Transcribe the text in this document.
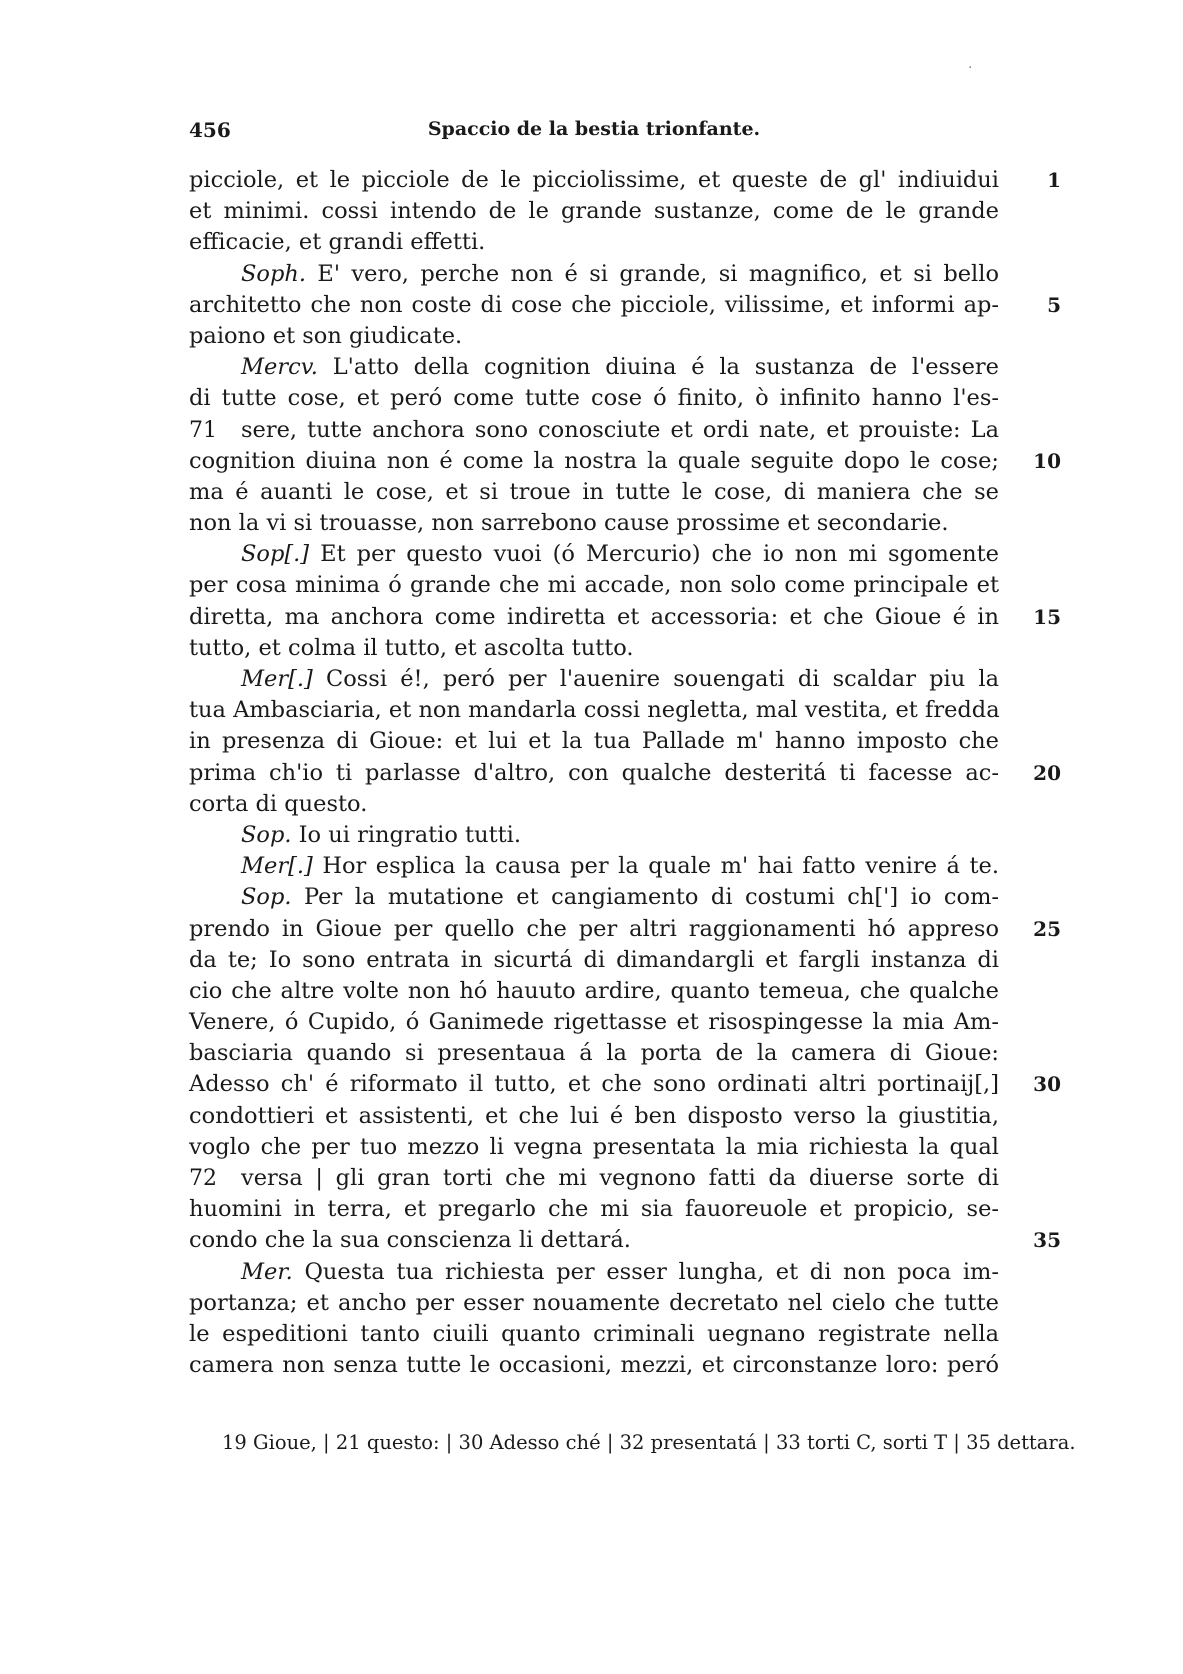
456	Spaccio de la bestia trionfante.
picciole, et le picciole de le picciolissime, et queste de gl' indiuidui	1
et minimi. cossi intendo de le grande sustanze, come de le grande
efficacie, et grandi effetti.
Soph. E' vero, perche non é si grande, si magnifico, et si bello
architetto che non coste di cose che picciole, vilissime, et informi ap-	5
paiono et son giudicate.
Mercv. L'atto della cognition diuina é la sustanza de l'essere
di tutte cose, et peró come tutte cose ó finito, ò infinito hanno l'es-
71 sere, tutte anchora sono conosciute et ordi nate, et prouiste: La
cognition diuina non é come la nostra la quale seguite dopo le cose;	10
ma é auanti le cose, et si troue in tutte le cose, di maniera che se
non la vi si trouasse, non sarrebono cause prossime et secondarie.
Sop[.] Et per questo vuoi (ó Mercurio) che io non mi sgomente
per cosa minima ó grande che mi accade, non solo come principale et
diretta, ma anchora come indiretta et accessoria: et che Gioue é in	15
tutto, et colma il tutto, et ascolta tutto.
Mer[.] Cossi é!, peró per l'auenire souengati di scaldar piu la
tua Ambasciaria, et non mandarla cossi negletta, mal vestita, et fredda
in presenza di Gioue: et lui et la tua Pallade m' hanno imposto che
prima ch'io ti parlasse d'altro, con qualche desteritá ti facesse ac-	20
corta di questo.
Sop. Io ui ringratio tutti.
Mer[.] Hor esplica la causa per la quale m' hai fatto venire á te.
Sop. Per la mutatione et cangiamento di costumi ch['] io com-
prendo in Gioue per quello che per altri raggionamenti hó appreso	25
da te; Io sono entrata in sicurtá di dimandargli et fargli instanza di
cio che altre volte non hó hauuto ardire, quanto temeua, che qualche
Venere, ó Cupido, ó Ganimede rigettasse et risospingesse la mia Am-
basciaria quando si presentaua á la porta de la camera di Gioue:
Adesso ch' é riformato il tutto, et che sono ordinati altri portinaij[,]	30
condottieri et assistenti, et che lui é ben disposto verso la giustitia,
voglo che per tuo mezzo li vegna presentata la mia richiesta la qual
72 versa | gli gran torti che mi vegnono fatti da diuerse sorte di
huomini in terra, et pregarlo che mi sia fauoreuole et propicio, se-
condo che la sua conscienza li dettará.	35
Mer. Questa tua richiesta per esser lungha, et di non poca im-
portanza; et ancho per esser nouamente decretato nel cielo che tutte
le espeditioni tanto ciuili quanto criminali uegnano registrate nella
camera non senza tutte le occasioni, mezzi, et circonstanze loro: peró
19 Gioue, | 21 questo: | 30 Adesso ché | 32 presentatá | 33 torti C, sorti T | 35 dettara.
·
